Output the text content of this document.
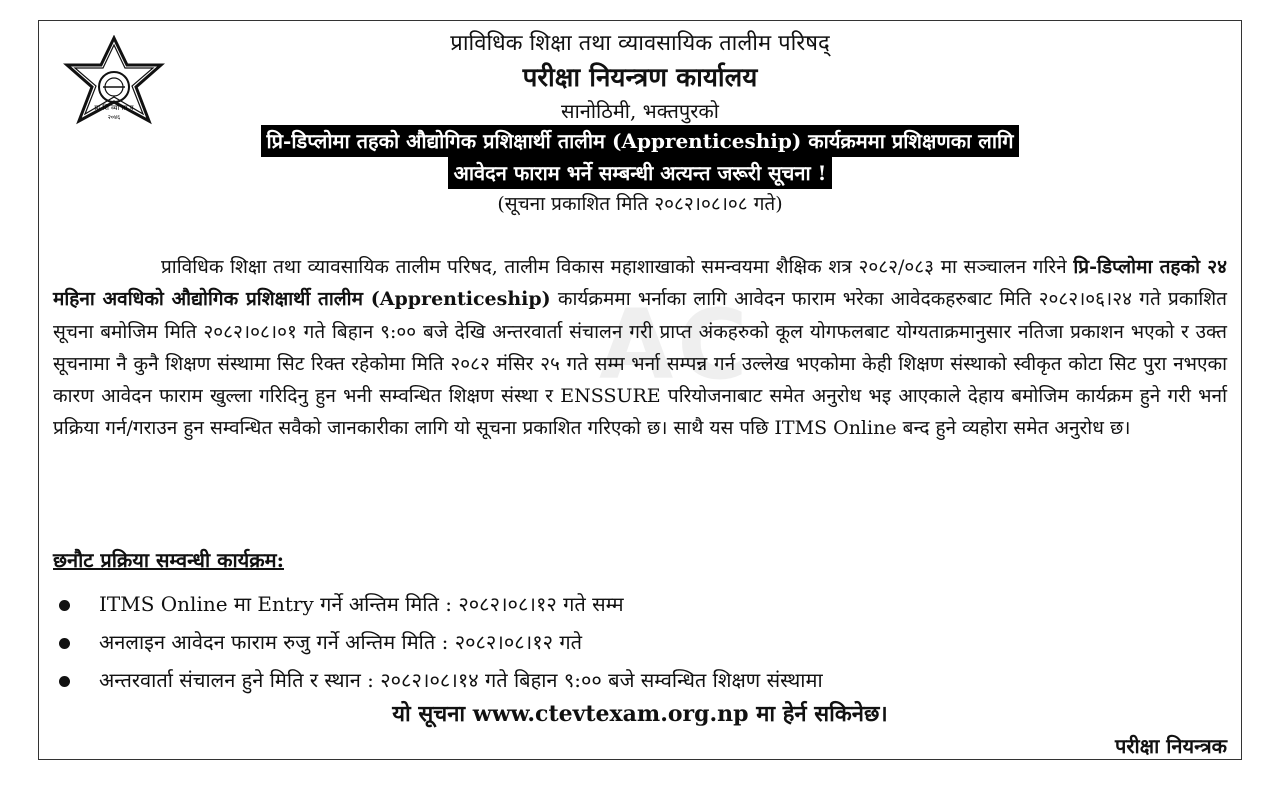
प्रा शि व्या ता प
२०४६
AC
प्राविधिक शिक्षा तथा व्यावसायिक तालीम परिषद्
परीक्षा नियन्त्रण कार्यालय
सानोठिमी, भक्तपुरको
प्रि-डिप्लोमा तहको औद्योगिक प्रशिक्षार्थी तालीम (Apprenticeship) कार्यक्रममा प्रशिक्षणका लागि
आवेदन फाराम भर्ने सम्बन्धी अत्यन्त जरूरी सूचना !
(सूचना प्रकाशित मिति २०८२।०८।०८ गते)
प्राविधिक शिक्षा तथा व्यावसायिक तालीम परिषद, तालीम विकास महाशाखाको समन्वयमा शैक्षिक शत्र २०८२/०८३ मा सञ्चालन गरिने प्रि-डिप्लोमा तहको २४ महिना अवधिको औद्योगिक प्रशिक्षार्थी तालीम (Apprenticeship) कार्यक्रममा भर्नाका लागि आवेदन फाराम भरेका आवेदकहरुबाट मिति २०८२।०६।२४ गते प्रकाशित सूचना बमोजिम मिति २०८२।०८।०१ गते बिहान ९:०० बजे देखि अन्तरवार्ता संचालन गरी प्राप्त अंकहरुको कूल योगफलबाट योग्यताक्रमानुसार नतिजा प्रकाशन भएको र उक्त सूचनामा नै कुनै शिक्षण संस्थामा सिट रिक्त रहेकोमा मिति २०८२ मंसिर २५ गते सम्म भर्ना सम्पन्न गर्न उल्लेख भएकोमा केही शिक्षण संस्थाको स्वीकृत कोटा सिट पुरा नभएका कारण आवेदन फाराम खुल्ला गरिदिनु हुन भनी सम्वन्धित शिक्षण संस्था र ENSSURE परियोजनाबाट समेत अनुरोध भइ आएकाले देहाय बमोजिम कार्यक्रम हुने गरी भर्ना प्रक्रिया गर्न/गराउन हुन सम्वन्धित सवैको जानकारीका लागि यो सूचना प्रकाशित गरिएको छ। साथै यस पछि ITMS Online बन्द हुने व्यहोरा समेत अनुरोध छ।
छनौट प्रक्रिया सम्वन्धी कार्यक्रम:
ITMS Online मा Entry गर्ने अन्तिम मिति : २०८२।०८।१२ गते सम्म
अनलाइन आवेदन फाराम रुजु गर्ने अन्तिम मिति : २०८२।०८।१२ गते
अन्तरवार्ता संचालन हुने मिति र स्थान : २०८२।०८।१४ गते बिहान ९:०० बजे सम्वन्धित शिक्षण संस्थामा
यो सूचना www.ctevtexam.org.np मा हेर्न सकिनेछ।
परीक्षा नियन्त्रक
